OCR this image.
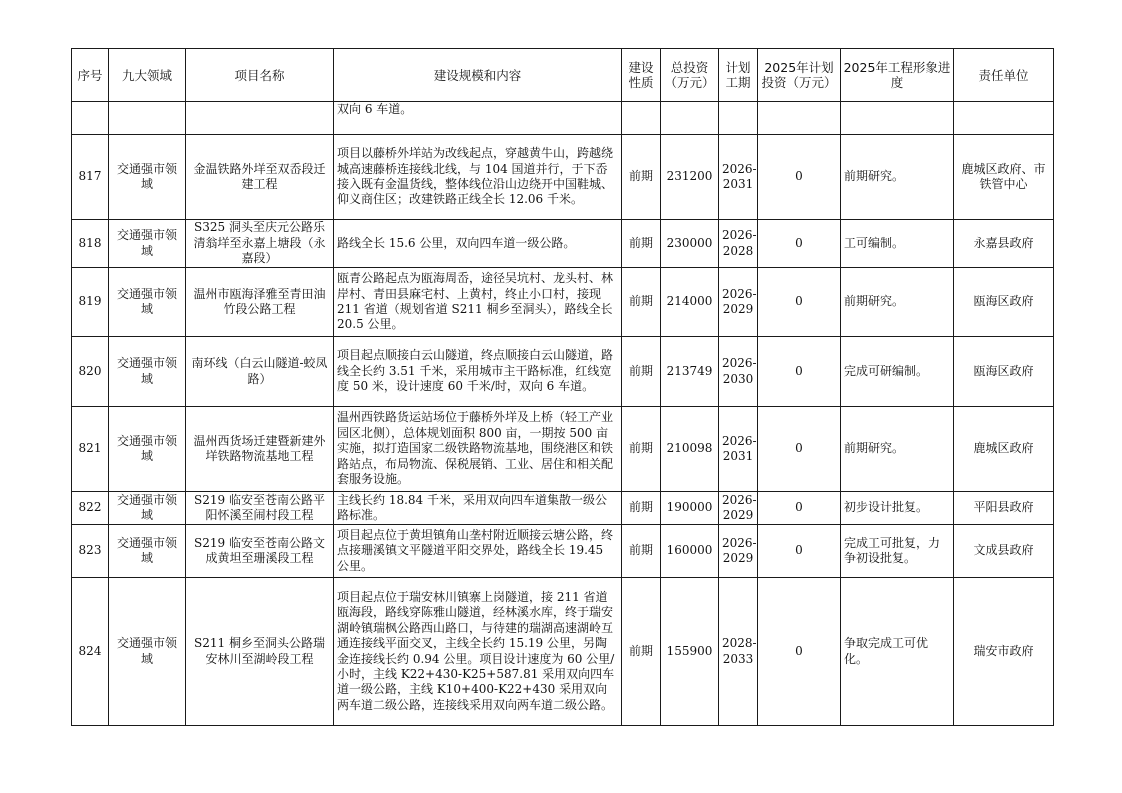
序号	九大领域	项目名称	建设规模和内容	建设性质	总投资（万元）	计划工期	2025年计划投资（万元）	2025年工程形象进度	责任单位
			双向 6 车道。						
817	交通强市领域	金温铁路外垟至双岙段迁建工程	项目以藤桥外垟站为改线起点，穿越黄牛山，跨越绕城高速藤桥连接线北线，与 104 国道并行，于下岙接入既有金温货线，整体线位沿山边绕开中国鞋城、仰义商住区；改建铁路正线全长 12.06 千米。	前期	231200	2026-2031	0	前期研究。	鹿城区政府、市铁管中心
818	交通强市领域	S325 洞头至庆元公路乐清翁垟至永嘉上塘段（永嘉段）	路线全长 15.6 公里，双向四车道一级公路。	前期	230000	2026-2028	0	工可编制。	永嘉县政府
819	交通强市领域	温州市瓯海泽雅至青田油竹段公路工程	瓯青公路起点为瓯海周岙，途径吴坑村、龙头村、林岸村、青田县麻宅村、上黄村，终止小口村，接现 211 省道（规划省道 S211 桐乡至洞头），路线全长 20.5 公里。	前期	214000	2026-2029	0	前期研究。	瓯海区政府
820	交通强市领域	南环线（白云山隧道-蛟凤路）	项目起点顺接白云山隧道，终点顺接白云山隧道，路线全长约 3.51 千米，采用城市主干路标准，红线宽度 50 米，设计速度 60 千米/时，双向 6 车道。	前期	213749	2026-2030	0	完成可研编制。	瓯海区政府
821	交通强市领域	温州西货场迁建暨新建外垟铁路物流基地工程	温州西铁路货运站场位于藤桥外垟及上桥（轻工产业园区北侧），总体规划面积 800 亩，一期按 500 亩实施，拟打造国家二级铁路物流基地，围绕港区和铁路站点，布局物流、保税展销、工业、居住和相关配套服务设施。	前期	210098	2026-2031	0	前期研究。	鹿城区政府
822	交通强市领域	S219 临安至苍南公路平阳怀溪至闹村段工程	主线长约 18.84 千米，采用双向四车道集散一级公路标准。	前期	190000	2026-2029	0	初步设计批复。	平阳县政府
823	交通强市领域	S219 临安至苍南公路文成黄坦至珊溪段工程	项目起点位于黄坦镇角山垄村附近顺接云塘公路，终点接珊溪镇文平隧道平阳交界处，路线全长 19.45 公里。	前期	160000	2026-2029	0	完成工可批复，力争初设批复。	文成县政府
824	交通强市领域	S211 桐乡至洞头公路瑞安林川至湖岭段工程	项目起点位于瑞安林川镇寨上岗隧道，接 211 省道瓯海段，路线穿陈雅山隧道，经林溪水库，终于瑞安湖岭镇瑞枫公路西山路口，与待建的瑞湖高速湖岭互通连接线平面交叉，主线全长约 15.19 公里，另陶金连接线长约 0.94 公里。项目设计速度为 60 公里/小时，主线 K22+430-K25+587.81 采用双向四车道一级公路，主线 K10+400-K22+430 采用双向两车道二级公路，连接线采用双向两车道二级公路。	前期	155900	2028-2033	0	争取完成工可优化。	瑞安市政府
